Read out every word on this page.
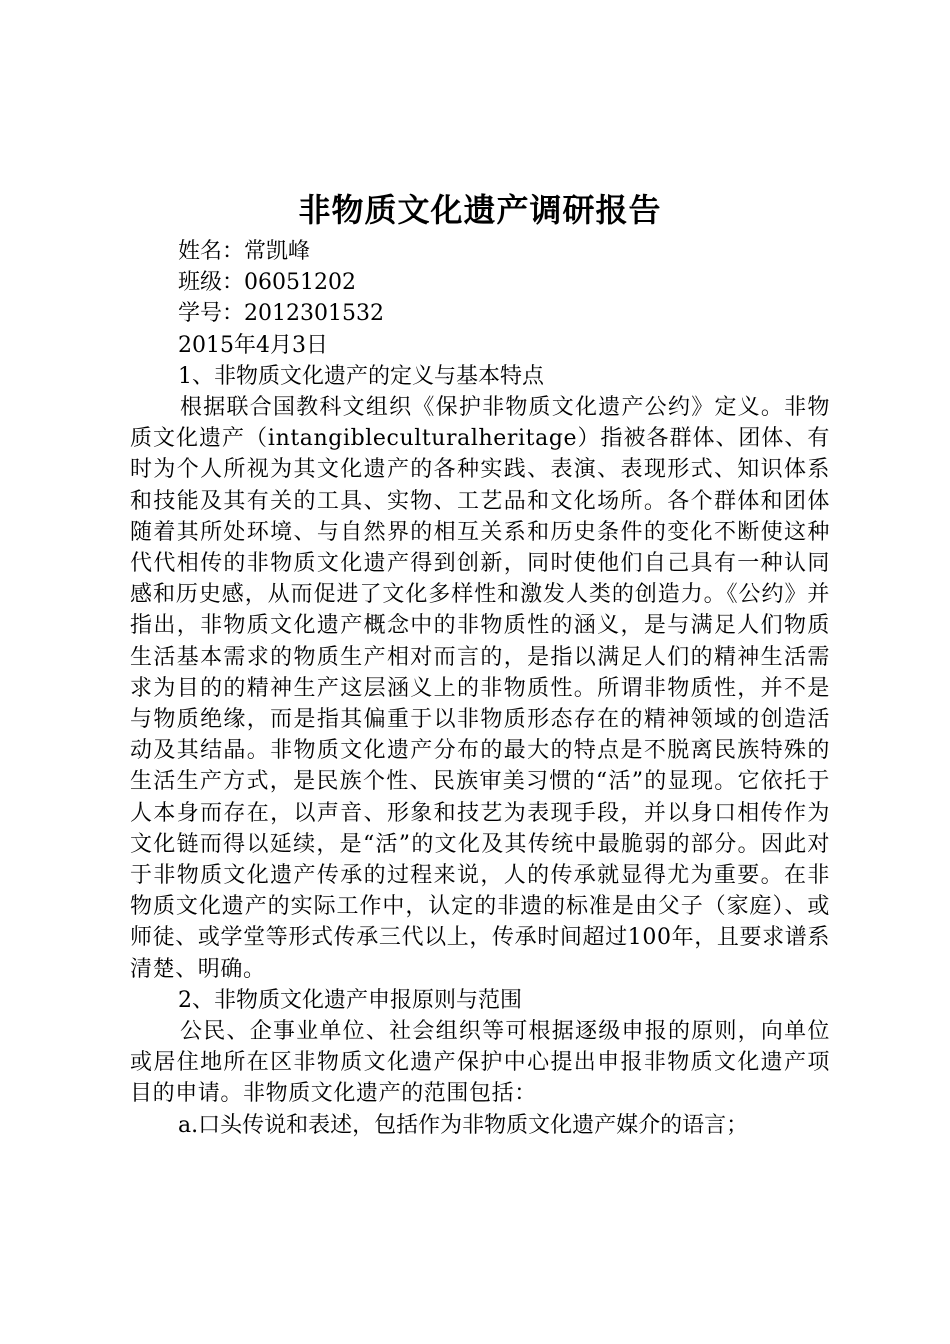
非物质文化遗产调研报告

姓名：常凯峰

班级：06051202

学号：2012301532

2015年4月3日

1、非物质文化遗产的定义与基本特点

根据联合国教科文组织《保护非物质文化遗产公约》定义。非物质文化遗产（intangibleculturalheritage）指被各群体、团体、有时为个人所视为其文化遗产的各种实践、表演、表现形式、知识体系和技能及其有关的工具、实物、工艺品和文化场所。各个群体和团体随着其所处环境、与自然界的相互关系和历史条件的变化不断使这种代代相传的非物质文化遗产得到创新，同时使他们自己具有一种认同感和历史感，从而促进了文化多样性和激发人类的创造力。《公约》并指出，非物质文化遗产概念中的非物质性的涵义，是与满足人们物质生活基本需求的物质生产相对而言的，是指以满足人们的精神生活需求为目的的精神生产这层涵义上的非物质性。所谓非物质性，并不是与物质绝缘，而是指其偏重于以非物质形态存在的精神领域的创造活动及其结晶。非物质文化遗产分布的最大的特点是不脱离民族特殊的生活生产方式，是民族个性、民族审美习惯的“活”的显现。它依托于人本身而存在，以声音、形象和技艺为表现手段，并以身口相传作为文化链而得以延续，是“活”的文化及其传统中最脆弱的部分。因此对于非物质文化遗产传承的过程来说，人的传承就显得尤为重要。在非物质文化遗产的实际工作中，认定的非遗的标准是由父子（家庭）、或师徒、或学堂等形式传承三代以上，传承时间超过100年，且要求谱系清楚、明确。

2、非物质文化遗产申报原则与范围

公民、企事业单位、社会组织等可根据逐级申报的原则，向单位或居住地所在区非物质文化遗产保护中心提出申报非物质文化遗产项目的申请。非物质文化遗产的范围包括：

a.口头传说和表述，包括作为非物质文化遗产媒介的语言；
